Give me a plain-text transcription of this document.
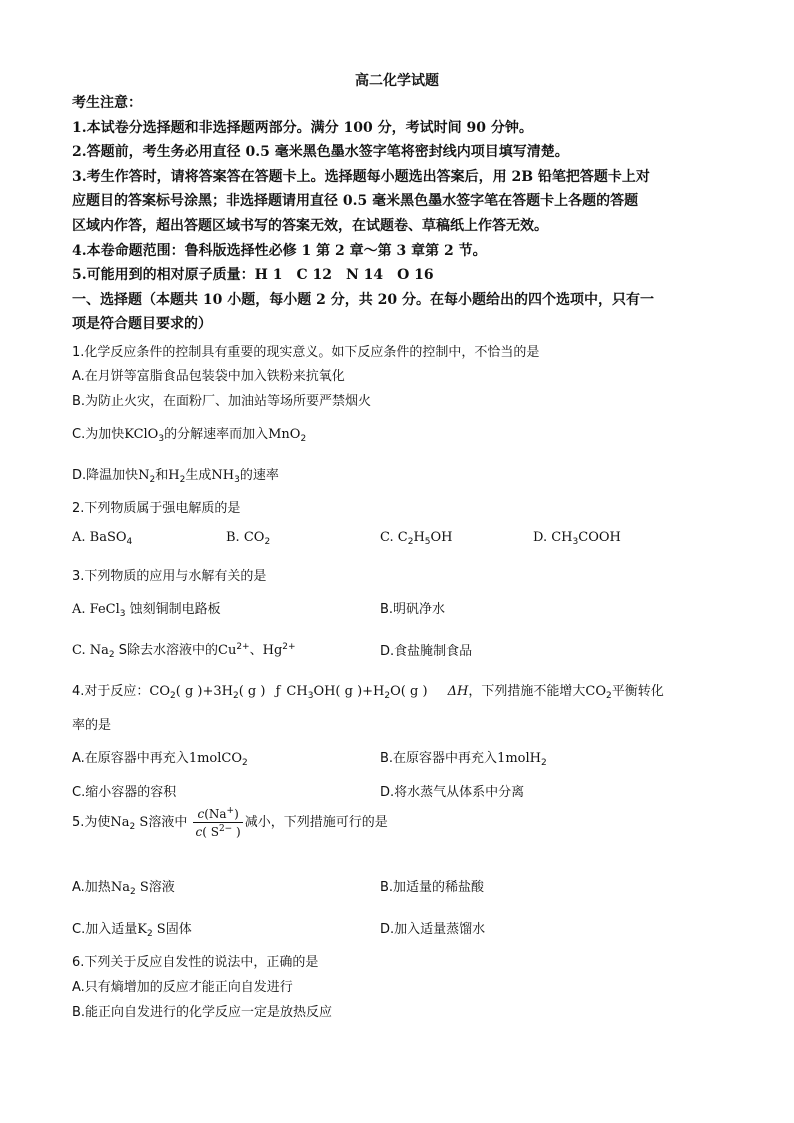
高二化学试题
考生注意：
1.本试卷分选择题和非选择题两部分。满分 100 分，考试时间 90 分钟。
2.答题前，考生务必用直径 0.5 毫米黑色墨水签字笔将密封线内项目填写清楚。
3.考生作答时，请将答案答在答题卡上。选择题每小题选出答案后，用 2B 铅笔把答题卡上对
应题目的答案标号涂黑；非选择题请用直径 0.5 毫米黑色墨水签字笔在答题卡上各题的答题
区域内作答，超出答题区域书写的答案无效，在试题卷、草稿纸上作答无效。
4.本卷命题范围：鲁科版选择性必修 1 第 2 章～第 3 章第 2 节。
5.可能用到的相对原子质量：H 1　C 12　N 14　O 16
一、选择题（本题共 10 小题，每小题 2 分，共 20 分。在每小题给出的四个选项中，只有一
项是符合题目要求的）
1.化学反应条件的控制具有重要的现实意义。如下反应条件的控制中，不恰当的是
A.在月饼等富脂食品包装袋中加入铁粉来抗氧化
B.为防止火灾，在面粉厂、加油站等场所要严禁烟火
C.为加快KClO$_3$的分解速率而加入MnO$_2$
D.降温加快$N_2$和$H_2$生成$NH_3$的速率
2.下列物质属于强电解质的是
A. BaSO$_4$	B. $CO_2$	C. $C_2H_5OH$	D. $CH_3COOH$
3.下列物质的应用与水解有关的是
A. FeCl$_3$ 蚀刻铜制电路板	B.明矾净水
C. $Na_2$ S除去水溶液中的$Cu^{2+}$、$Hg^{2+}$	D.食盐腌制食品
4.对于反应：$CO_2$( g )$+3H_2$( g ) ƒ $CH_3OH$( g )$+H_2O$( g ) ΔH，下列措施不能增大$CO_2$平衡转化
率的是
A.在原容器中再充入1molCO$_2$	B.在原容器中再充入1molH$_2$
C.缩小容器的容积	D.将水蒸气从体系中分离
5.为使$Na_2$ S溶液中 $\frac{c(Na^+)}{c( S^{2-} )}$ 减小，下列措施可行的是
A.加热$Na_2$ S溶液	B.加适量的稀盐酸
C.加入适量$K_2$ S固体	D.加入适量蒸馏水
6.下列关于反应自发性的说法中，正确的是
A.只有熵增加的反应才能正向自发进行
B.能正向自发进行的化学反应一定是放热反应
